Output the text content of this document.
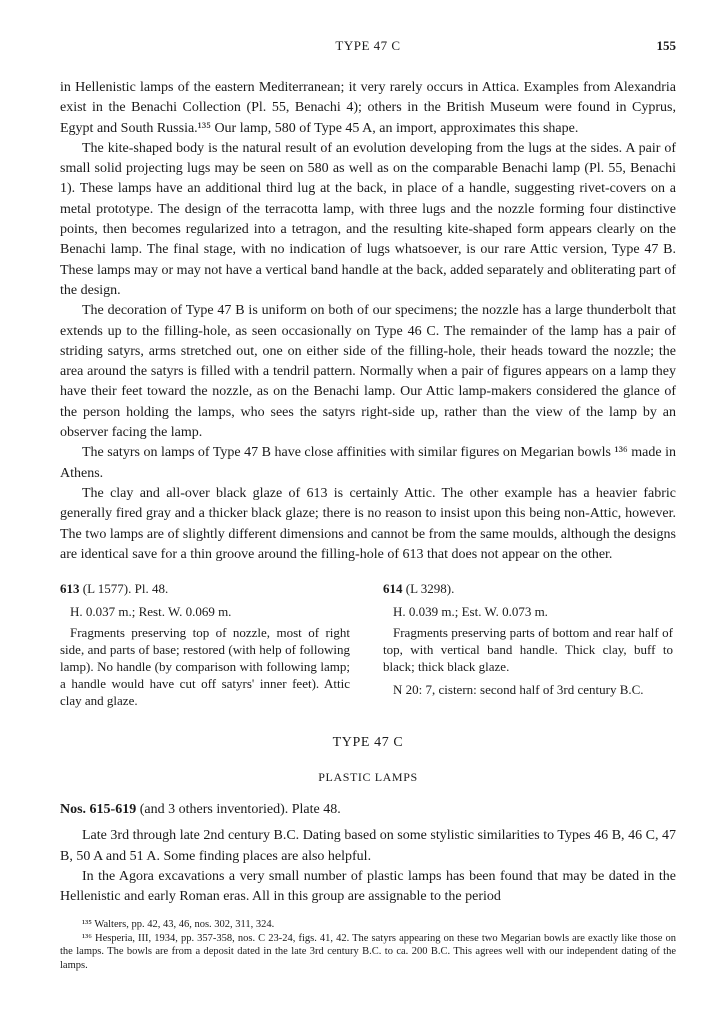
TYPE 47 C	155

in Hellenistic lamps of the eastern Mediterranean; it very rarely occurs in Attica. Examples from Alexandria exist in the Benachi Collection (Pl. 55, Benachi 4); others in the British Museum were found in Cyprus, Egypt and South Russia.¹³⁵ Our lamp, 580 of Type 45 A, an import, approximates this shape.

The kite-shaped body is the natural result of an evolution developing from the lugs at the sides. A pair of small solid projecting lugs may be seen on 580 as well as on the comparable Benachi lamp (Pl. 55, Benachi 1). These lamps have an additional third lug at the back, in place of a handle, suggesting rivet-covers on a metal prototype. The design of the terracotta lamp, with three lugs and the nozzle forming four distinctive points, then becomes regularized into a tetragon, and the resulting kite-shaped form appears clearly on the Benachi lamp. The final stage, with no indication of lugs whatsoever, is our rare Attic version, Type 47 B. These lamps may or may not have a vertical band handle at the back, added separately and obliterating part of the design.

The decoration of Type 47 B is uniform on both of our specimens; the nozzle has a large thunderbolt that extends up to the filling-hole, as seen occasionally on Type 46 C. The remainder of the lamp has a pair of striding satyrs, arms stretched out, one on either side of the filling-hole, their heads toward the nozzle; the area around the satyrs is filled with a tendril pattern. Normally when a pair of figures appears on a lamp they have their feet toward the nozzle, as on the Benachi lamp. Our Attic lamp-makers considered the glance of the person holding the lamps, who sees the satyrs right-side up, rather than the view of the lamp by an observer facing the lamp.

The satyrs on lamps of Type 47 B have close affinities with similar figures on Megarian bowls ¹³⁶ made in Athens.

The clay and all-over black glaze of 613 is certainly Attic. The other example has a heavier fabric generally fired gray and a thicker black glaze; there is no reason to insist upon this being non-Attic, however. The two lamps are of slightly different dimensions and cannot be from the same moulds, although the designs are identical save for a thin groove around the filling-hole of 613 that does not appear on the other.

613 (L 1577). Pl. 48.

H. 0.037 m.; Rest. W. 0.069 m.

Fragments preserving top of nozzle, most of right side, and parts of base; restored (with help of following lamp). No handle (by comparison with following lamp; a handle would have cut off satyrs' inner feet). Attic clay and glaze.

614 (L 3298).

H. 0.039 m.; Est. W. 0.073 m.

Fragments preserving parts of bottom and rear half of top, with vertical band handle. Thick clay, buff to black; thick black glaze.

N 20: 7, cistern: second half of 3rd century B.C.

TYPE 47 C
PLASTIC LAMPS

Nos. 615-619 (and 3 others inventoried). Plate 48.

Late 3rd through late 2nd century B.C. Dating based on some stylistic similarities to Types 46 B, 46 C, 47 B, 50 A and 51 A. Some finding places are also helpful.

In the Agora excavations a very small number of plastic lamps has been found that may be dated in the Hellenistic and early Roman eras. All in this group are assignable to the period

¹³⁵ Walters, pp. 42, 43, 46, nos. 302, 311, 324.

¹³⁶ Hesperia, III, 1934, pp. 357-358, nos. C 23-24, figs. 41, 42. The satyrs appearing on these two Megarian bowls are exactly like those on the lamps. The bowls are from a deposit dated in the late 3rd century B.C. to ca. 200 B.C. This agrees well with our independent dating of the lamps.
